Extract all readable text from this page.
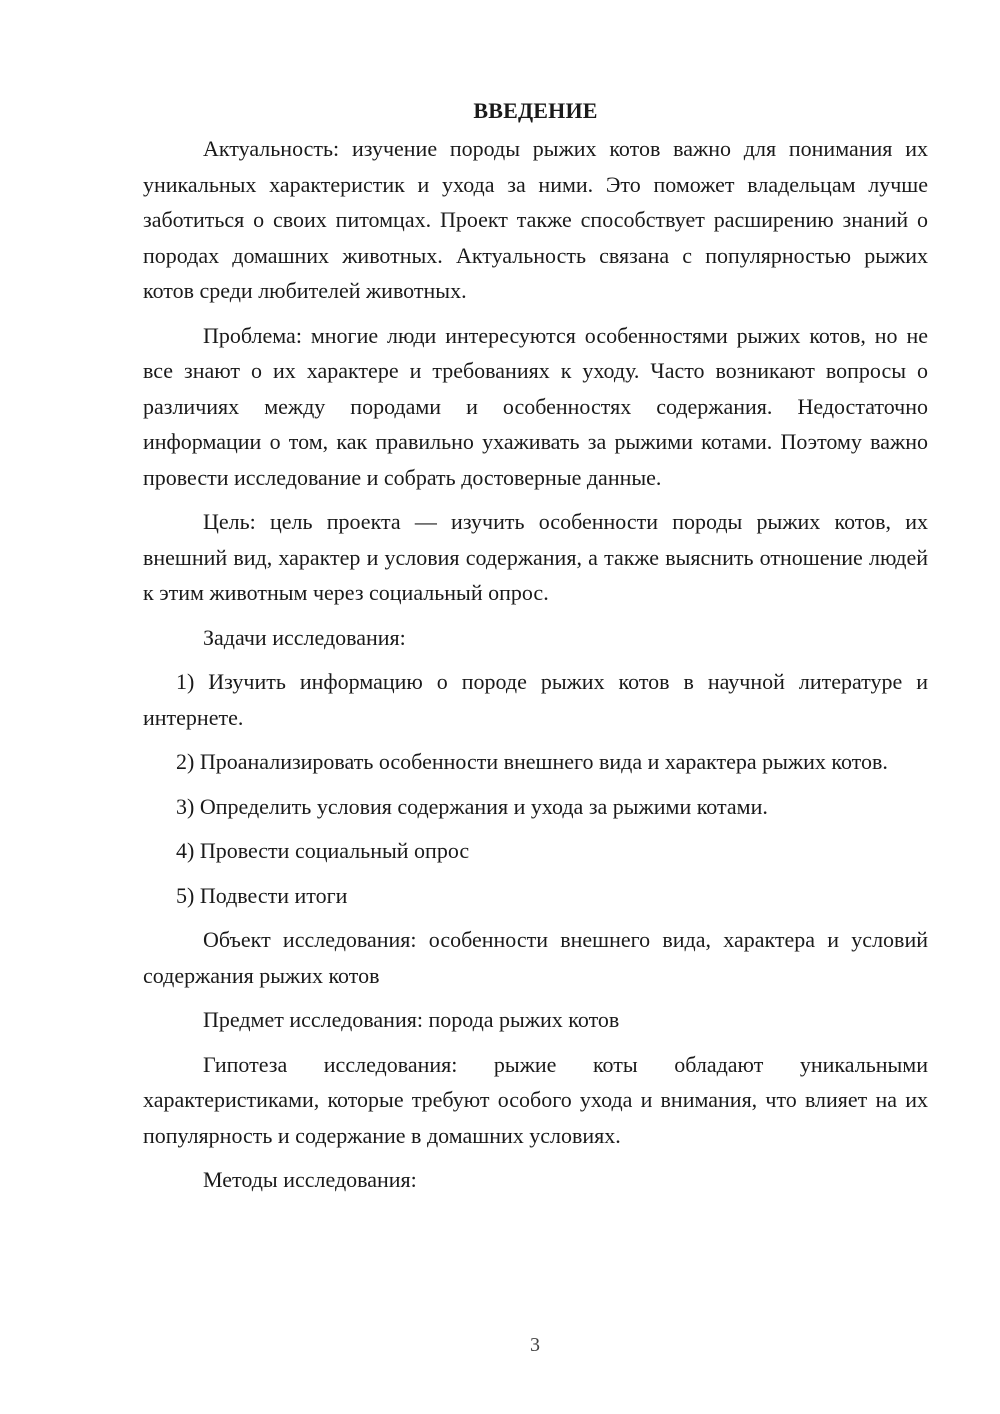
ВВЕДЕНИЕ

Актуальность: изучение породы рыжих котов важно для понимания их уникальных характеристик и ухода за ними. Это поможет владельцам лучше заботиться о своих питомцах. Проект также способствует расширению знаний о породах домашних животных. Актуальность связана с популярностью рыжих котов среди любителей животных.

Проблема: многие люди интересуются особенностями рыжих котов, но не все знают о их характере и требованиях к уходу. Часто возникают вопросы о различиях между породами и особенностях содержания. Недостаточно информации о том, как правильно ухаживать за рыжими котами. Поэтому важно провести исследование и собрать достоверные данные.

Цель: цель проекта — изучить особенности породы рыжих котов, их внешний вид, характер и условия содержания, а также выяснить отношение людей к этим животным через социальный опрос.

Задачи исследования:

1) Изучить информацию о породе рыжих котов в научной литературе и интернете.

2) Проанализировать особенности внешнего вида и характера рыжих котов.

3) Определить условия содержания и ухода за рыжими котами.

4) Провести социальный опрос

5) Подвести итоги

Объект исследования: особенности внешнего вида, характера и условий содержания рыжих котов

Предмет исследования: порода рыжих котов

Гипотеза исследования: рыжие коты обладают уникальными характеристиками, которые требуют особого ухода и внимания, что влияет на их популярность и содержание в домашних условиях.

Методы исследования:

3
